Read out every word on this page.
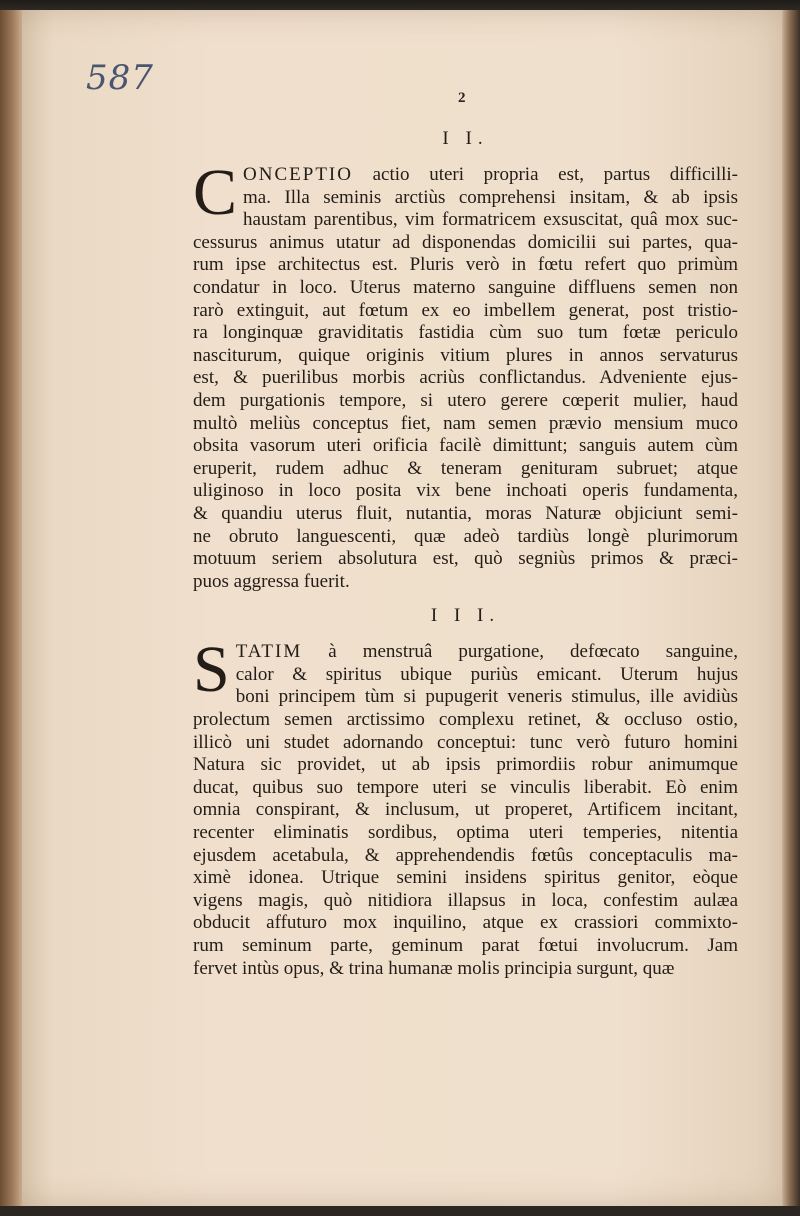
587	2
I I.
C ONCEPTIO actio uteri propria est, partus difficilli-
ma. Illa seminis arctiùs comprehensi insitam, & ab ipsis
haustam parentibus, vim formatricem exsuscitat, quâ mox suc-
cessurus animus utatur ad disponendas domicilii sui partes, qua-
rum ipse architectus est. Pluris verò in fœtu refert quo primùm
condatur in loco. Uterus materno sanguine diffluens semen non
rarò extinguit, aut fœtum ex eo imbellem generat, post tristio-
ra longinquæ graviditatis fastidia cùm suo tum fœtæ periculo
nasciturum, quique originis vitium plures in annos servaturus
est, & puerilibus morbis acriùs conflictandus. Adveniente ejus-
dem purgationis tempore, si utero gerere cœperit mulier, haud
multò meliùs conceptus fiet, nam semen prævio mensium muco
obsita vasorum uteri orificia facilè dimittunt; sanguis autem cùm
eruperit, rudem adhuc & teneram genituram subruet; atque
uliginoso in loco posita vix bene inchoati operis fundamenta,
& quandiu uterus fluit, nutantia, moras Naturæ objiciunt semi-
ne obruto languescenti, quæ adeò tardiùs longè plurimorum
motuum seriem absolutura est, quò segniùs primos & præci-
puos aggressa fuerit.
I I I.
S TATIM à menstruâ purgatione, defœcato sanguine,
calor & spiritus ubique puriùs emicant. Uterum hujus
boni principem tùm si pupugerit veneris stimulus, ille avidiùs
prolectum semen arctissimo complexu retinet, & occluso ostio,
illicò uni studet adornando conceptui: tunc verò futuro homini
Natura sic providet, ut ab ipsis primordiis robur animumque
ducat, quibus suo tempore uteri se vinculis liberabit. Eò enim
omnia conspirant, & inclusum, ut properet, Artificem incitant,
recenter eliminatis sordibus, optima uteri temperies, nitentia
ejusdem acetabula, & apprehendendis fœtûs conceptaculis ma-
ximè idonea. Utrique semini insidens spiritus genitor, eòque
vigens magis, quò nitidiora illapsus in loca, confestim aulæa
obducit affuturo mox inquilino, atque ex crassiori commixto-
rum seminum parte, geminum parat fœtui involucrum. Jam
fervet intùs opus, & trina humanæ molis principia surgunt, quæ
